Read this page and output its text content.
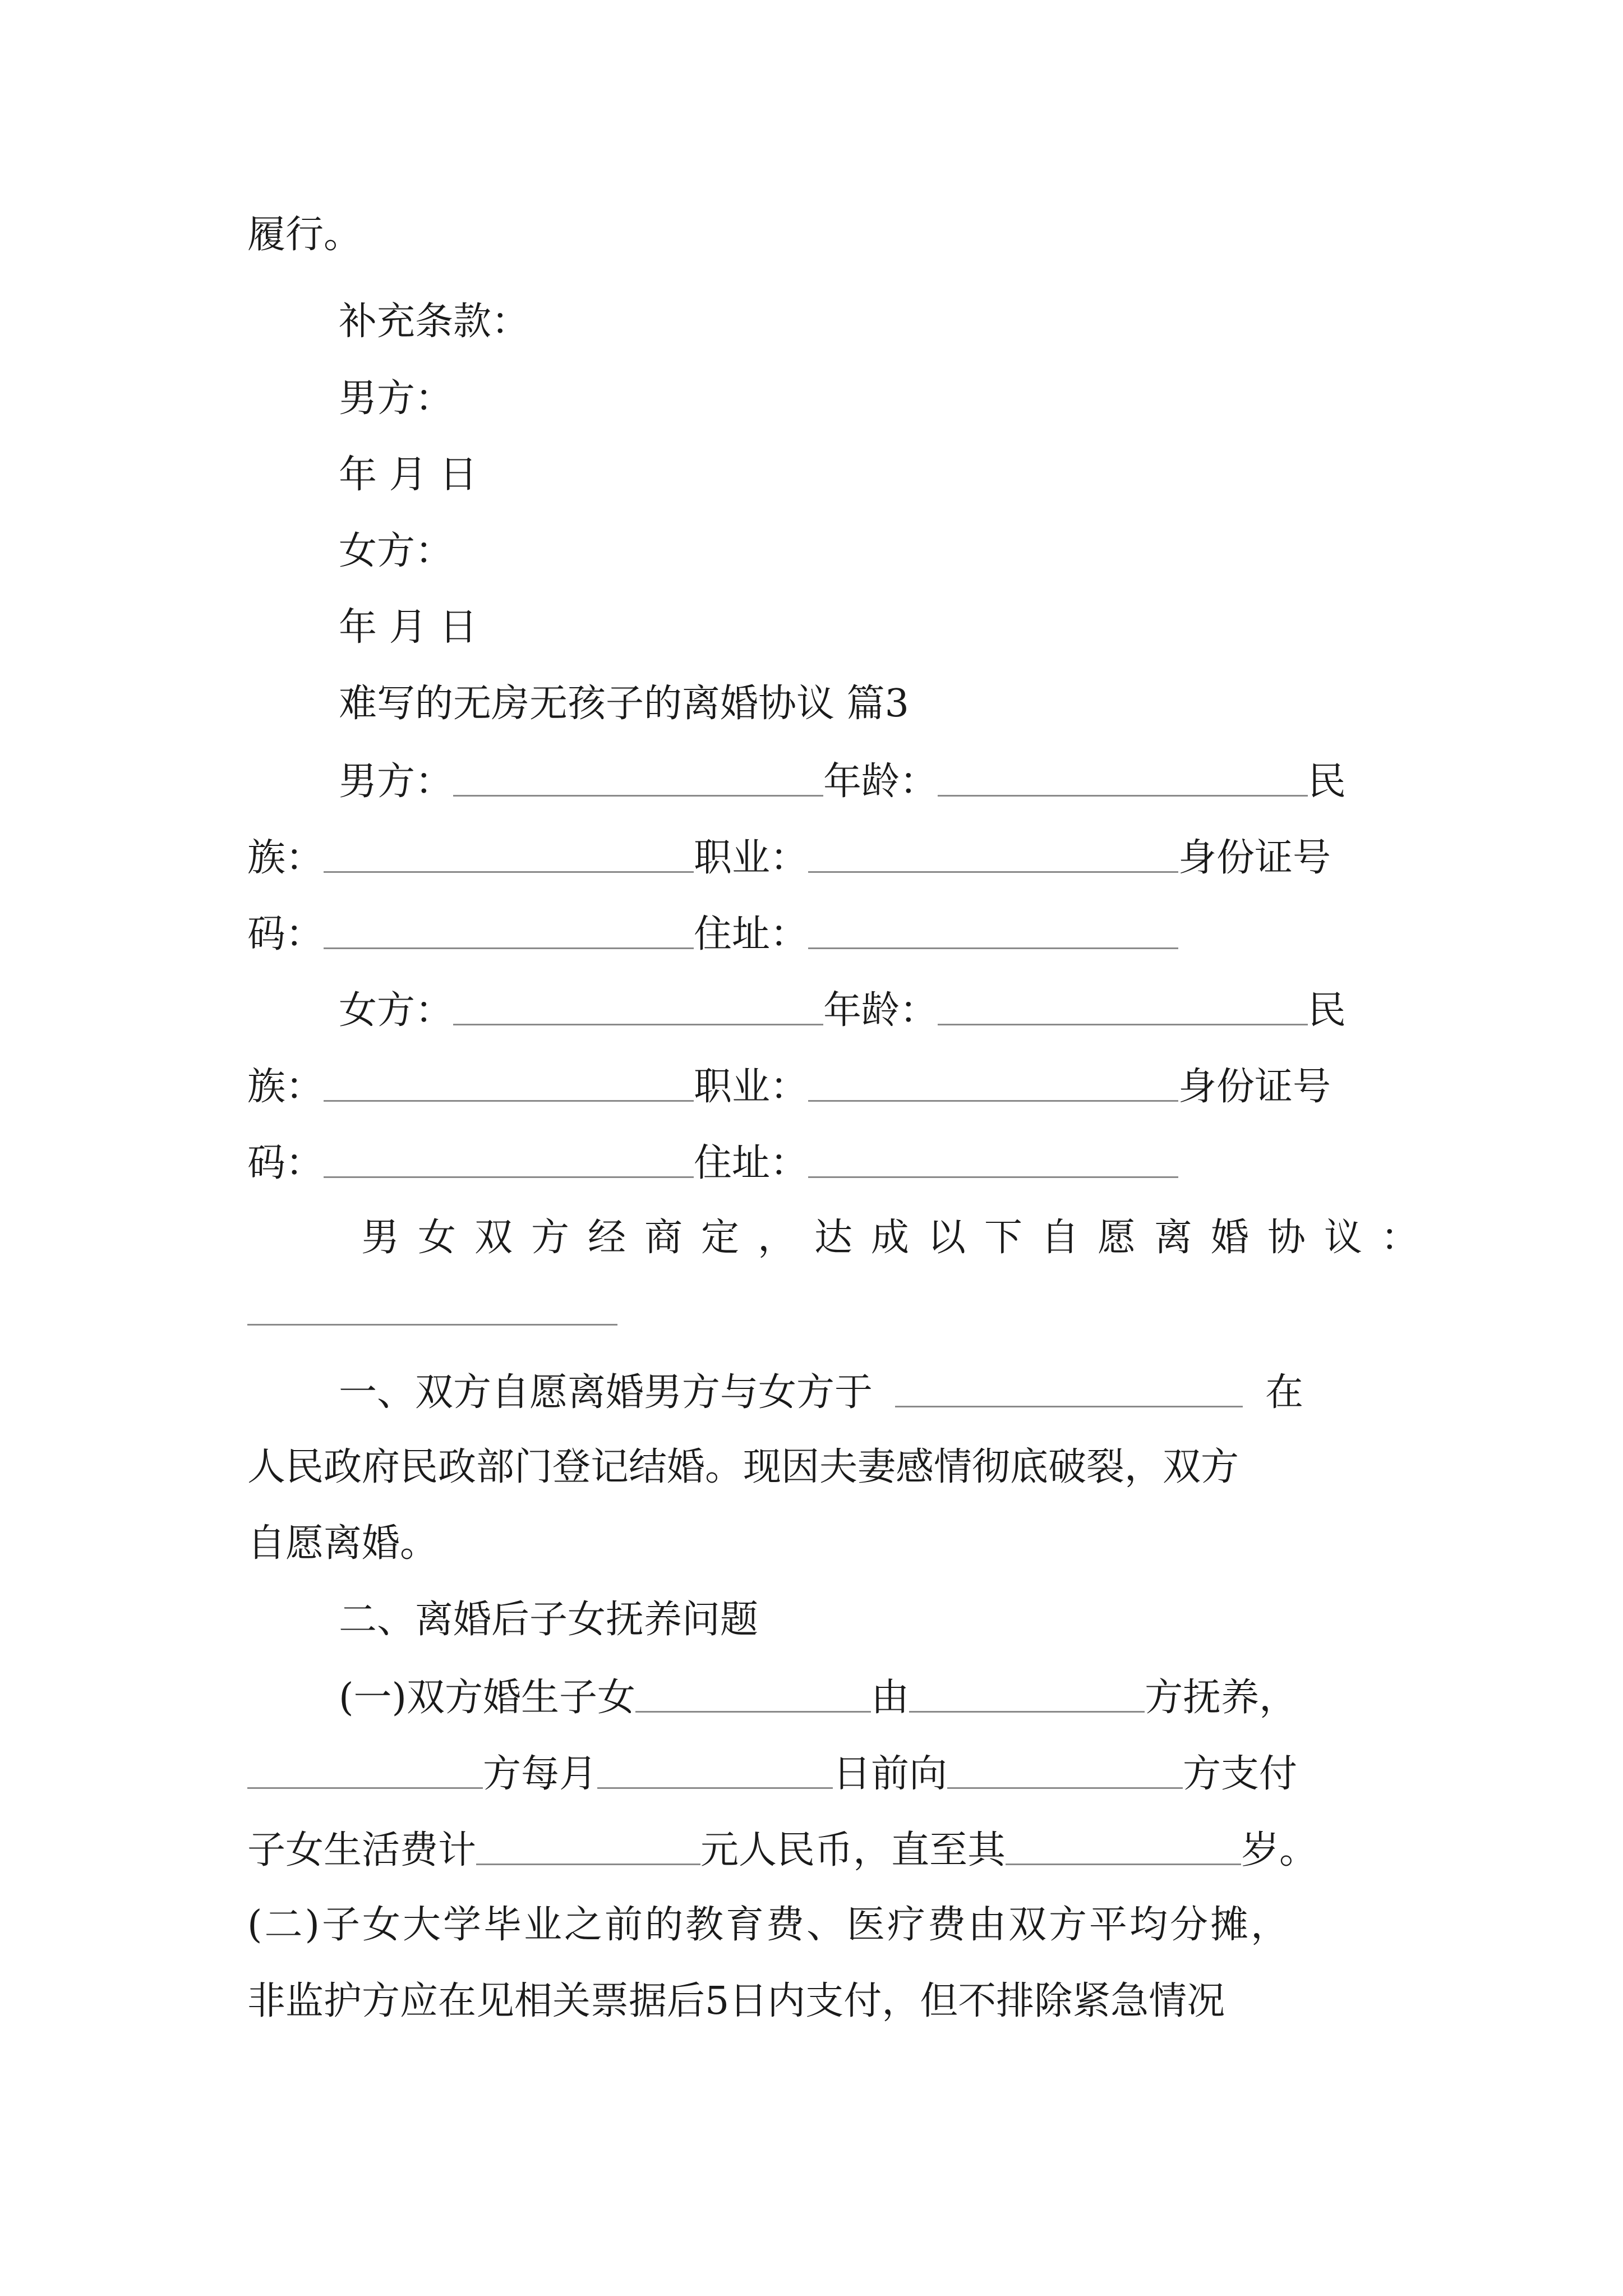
履行。
补充条款：
男方：
年 月 日
女方：
年 月 日
难写的无房无孩子的离婚协议 篇3
男方：	年龄：	民
族：	职业：	身份证号
码：	住址：
女方：	年龄：	民
族：	职业：	身份证号
码：	住址：
男女双方经商定，达成以下自愿离婚协议：
一、双方自愿离婚男方与女方于	在
人民政府民政部门登记结婚。现因夫妻感情彻底破裂，双方
自愿离婚。
二、离婚后子女抚养问题
(一)双方婚生子女	由	方抚养，
方每月	日前向	方支付
子女生活费计	元人民币，直至其	岁。
(二)子女大学毕业之前的教育费、医疗费由双方平均分摊，
非监护方应在见相关票据后5日内支付，但不排除紧急情况
